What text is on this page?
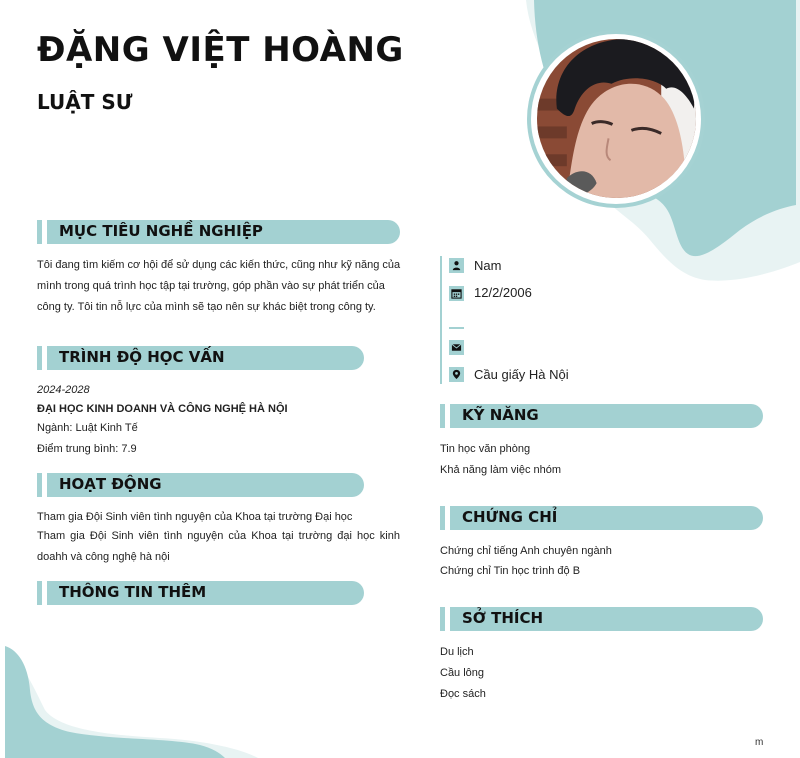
ĐẶNG VIỆT HOÀNG
LUẬT SƯ
MỤC TIÊU NGHỀ NGHIỆP
Tôi đang tìm kiếm cơ hội để sử dụng các kiến thức, cũng như kỹ năng của
mình trong quá trình học tập tại trường, góp phần vào sự phát triển của
công ty. Tôi tin nỗ lực của mình sẽ tạo nên sự khác biệt trong công ty.
TRÌNH ĐỘ HỌC VẤN
2024-2028
ĐẠI HỌC KINH DOANH VÀ CÔNG NGHỆ HÀ NỘI
Ngành: Luật Kinh Tế
Điểm trung bình: 7.9
HOẠT ĐỘNG
Tham gia Đội Sinh viên tình nguyện của Khoa tại trường Đại học
Tham gia Đội Sinh viên tình nguyện của Khoa tại trường đại học kinh
doahh và công nghệ hà nội
THÔNG TIN THÊM
Nam
12/2/2006
Cầu giấy Hà Nội
KỸ NĂNG
Tin học văn phòng
Khả năng làm việc nhóm
CHỨNG CHỈ
Chứng chỉ tiếng Anh chuyên ngành
Chứng chỉ Tin học trình độ B
SỞ THÍCH
Du lịch
Cầu lông
Đọc sách
m
